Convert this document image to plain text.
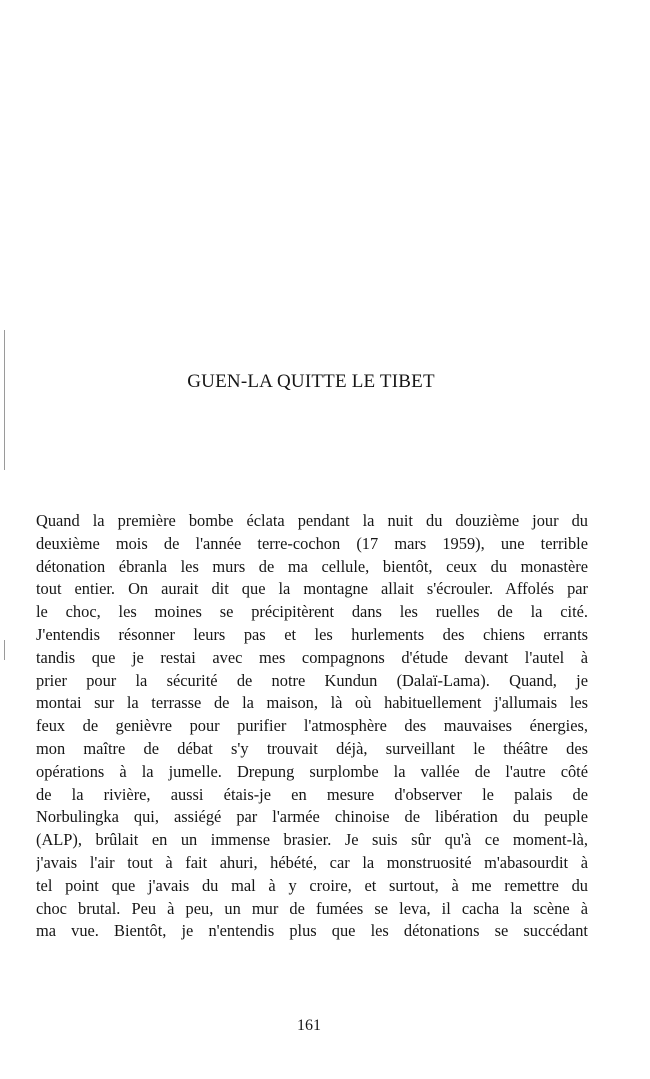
GUEN-LA QUITTE LE TIBET
Quand la première bombe éclata pendant la nuit du douzième jour du
deuxième mois de l'année terre-cochon (17 mars 1959), une terrible
détonation ébranla les murs de ma cellule, bientôt, ceux du monastère
tout entier. On aurait dit que la montagne allait s'écrouler. Affolés par
le choc, les moines se précipitèrent dans les ruelles de la cité.
J'entendis résonner leurs pas et les hurlements des chiens errants
tandis que je restai avec mes compagnons d'étude devant l'autel à
prier pour la sécurité de notre Kundun (Dalaï-Lama). Quand, je
montai sur la terrasse de la maison, là où habituellement j'allumais les
feux de genièvre pour purifier l'atmosphère des mauvaises énergies,
mon maître de débat s'y trouvait déjà, surveillant le théâtre des
opérations à la jumelle. Drepung surplombe la vallée de l'autre côté
de la rivière, aussi étais-je en mesure d'observer le palais de
Norbulingka qui, assiégé par l'armée chinoise de libération du peuple
(ALP), brûlait en un immense brasier. Je suis sûr qu'à ce moment-là,
j'avais l'air tout à fait ahuri, hébété, car la monstruosité m'abasourdit à
tel point que j'avais du mal à y croire, et surtout, à me remettre du
choc brutal. Peu à peu, un mur de fumées se leva, il cacha la scène à
ma vue. Bientôt, je n'entendis plus que les détonations se succédant
161
